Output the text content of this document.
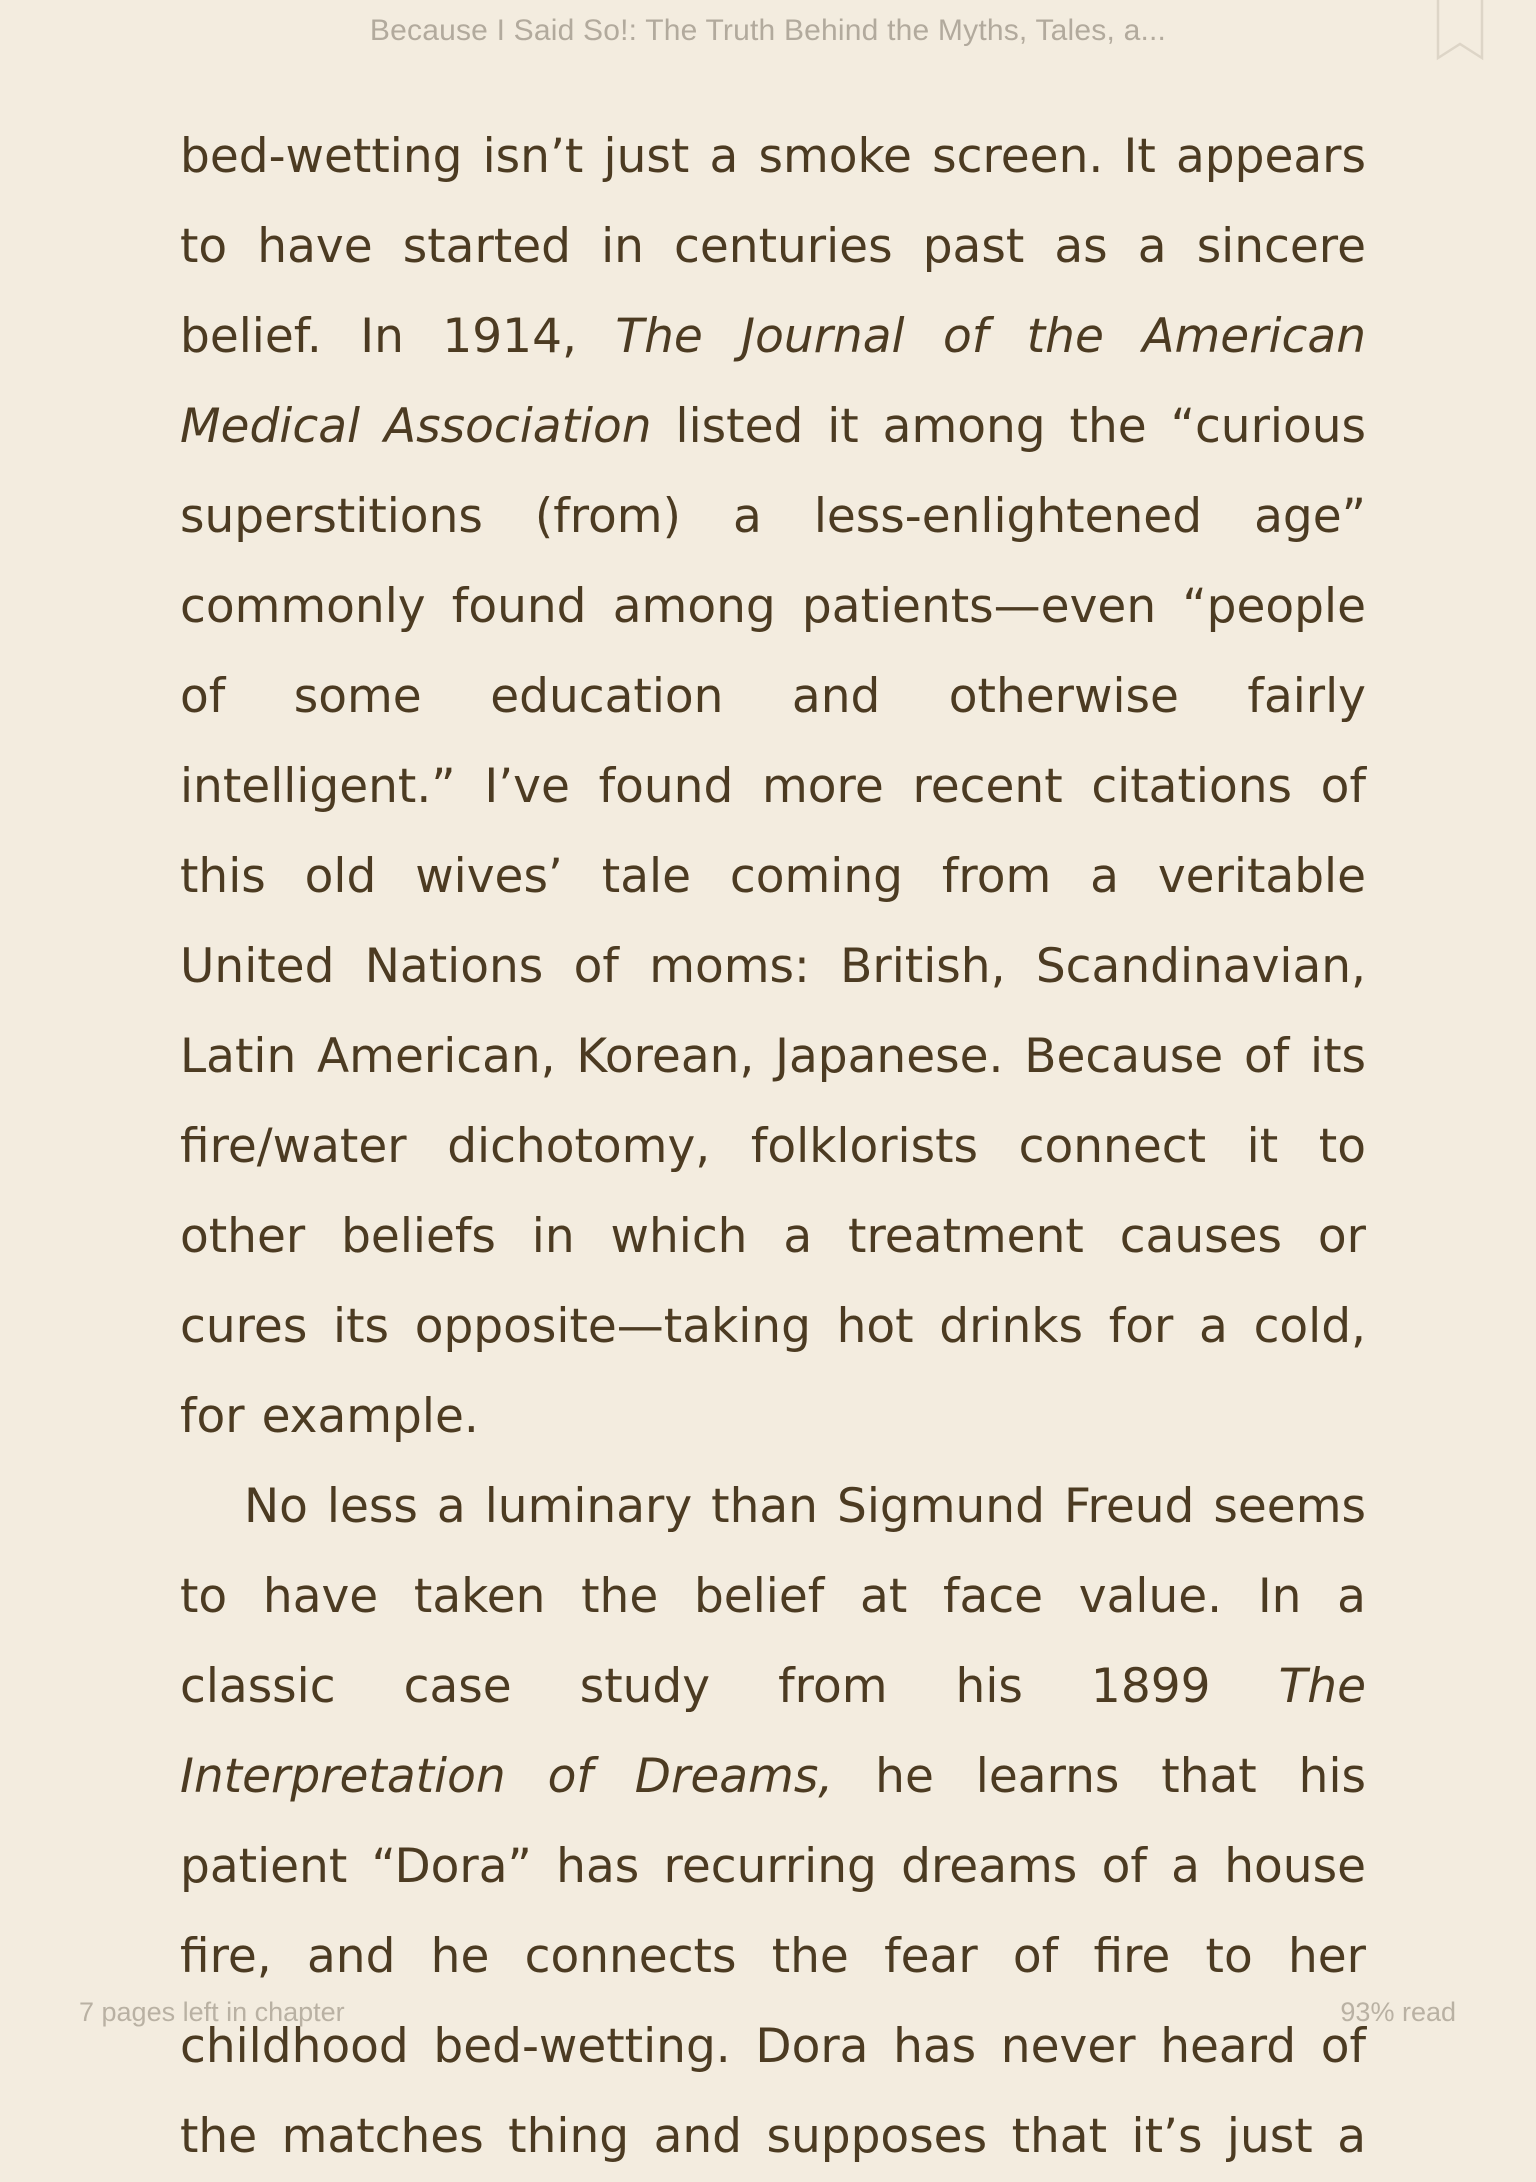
Because I Said So!: The Truth Behind the Myths, Tales, a...

bed-wetting isn’t just a smoke screen. It appears to have started in centuries past as a sincere belief. In 1914, The Journal of the American Medical Association listed it among the “curious superstitions (from) a less-enlightened age” commonly found among patients—even “people of some education and otherwise fairly intelligent.” I’ve found more recent citations of this old wives’ tale coming from a veritable United Nations of moms: British, Scandinavian, Latin American, Korean, Japanese. Because of its fire/water dichotomy, folklorists connect it to other beliefs in which a treatment causes or cures its opposite—taking hot drinks for a cold, for example.

No less a luminary than Sigmund Freud seems to have taken the belief at face value. In a classic case study from his 1899 The Interpretation of Dreams, he learns that his patient “Dora” has recurring dreams of a house fire, and he connects the fear of fire to her childhood bed-wetting. Dora has never heard of the matches thing and supposes that it’s just a

7 pages left in chapter	93% read
